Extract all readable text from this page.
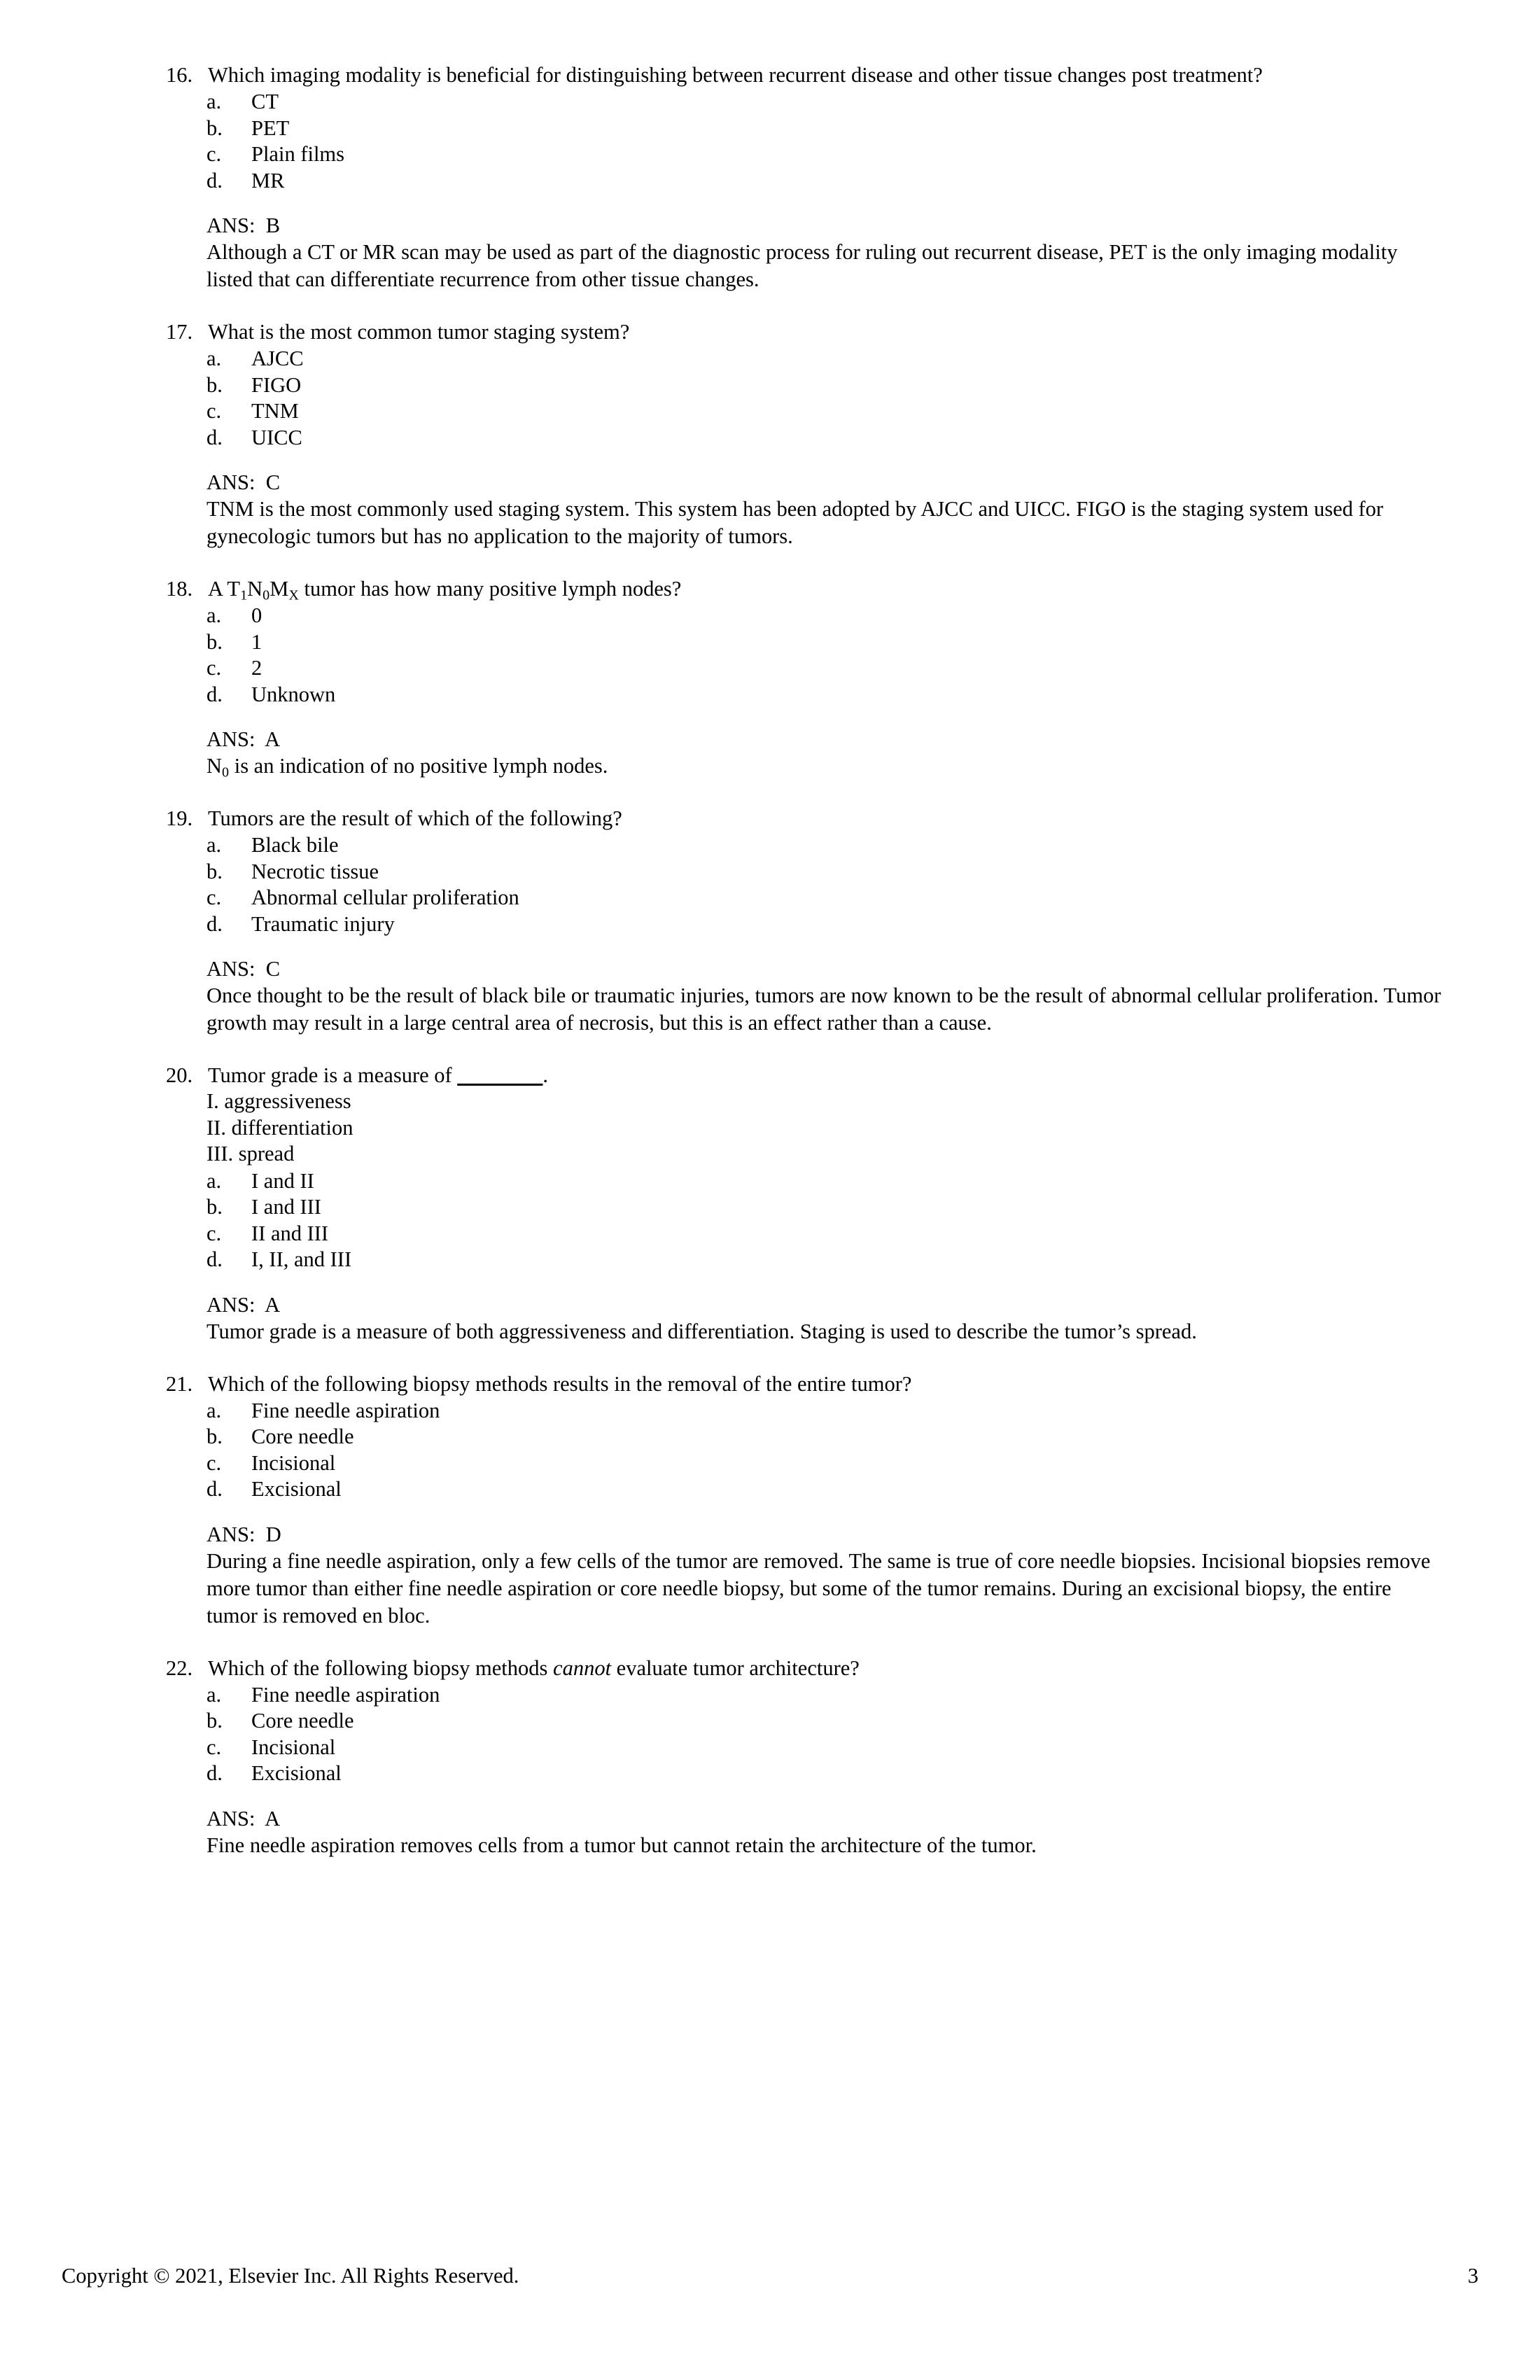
16. Which imaging modality is beneficial for distinguishing between recurrent disease and other tissue changes post treatment?
a.	CT
b.	PET
c.	Plain films
d.	MR
ANS: B
Although a CT or MR scan may be used as part of the diagnostic process for ruling out recurrent disease, PET is the only imaging modality listed that can differentiate recurrence from other tissue changes.
17. What is the most common tumor staging system?
a.	AJCC
b.	FIGO
c.	TNM
d.	UICC
ANS: C
TNM is the most commonly used staging system. This system has been adopted by AJCC and UICC. FIGO is the staging system used for gynecologic tumors but has no application to the majority of tumors.
18. A $T_1N_0M_X$ tumor has how many positive lymph nodes?
a.	0
b.	1
c.	2
d.	Unknown
ANS: A
$N_0$ is an indication of no positive lymph nodes.
19. Tumors are the result of which of the following?
a.	Black bile
b.	Necrotic tissue
c.	Abnormal cellular proliferation
d.	Traumatic injury
ANS: C
Once thought to be the result of black bile or traumatic injuries, tumors are now known to be the result of abnormal cellular proliferation. Tumor growth may result in a large central area of necrosis, but this is an effect rather than a cause.
20. Tumor grade is a measure of ________.
I. aggressiveness
II. differentiation
III. spread
a.	I and II
b.	I and III
c.	II and III
d.	I, II, and III
ANS: A
Tumor grade is a measure of both aggressiveness and differentiation. Staging is used to describe the tumor’s spread.
21. Which of the following biopsy methods results in the removal of the entire tumor?
a.	Fine needle aspiration
b.	Core needle
c.	Incisional
d.	Excisional
ANS: D
During a fine needle aspiration, only a few cells of the tumor are removed. The same is true of core needle biopsies. Incisional biopsies remove more tumor than either fine needle aspiration or core needle biopsy, but some of the tumor remains. During an excisional biopsy, the entire tumor is removed en bloc.
22. Which of the following biopsy methods cannot evaluate tumor architecture?
a.	Fine needle aspiration
b.	Core needle
c.	Incisional
d.	Excisional
ANS: A
Fine needle aspiration removes cells from a tumor but cannot retain the architecture of the tumor.
Copyright © 2021, Elsevier Inc. All Rights Reserved.	3
